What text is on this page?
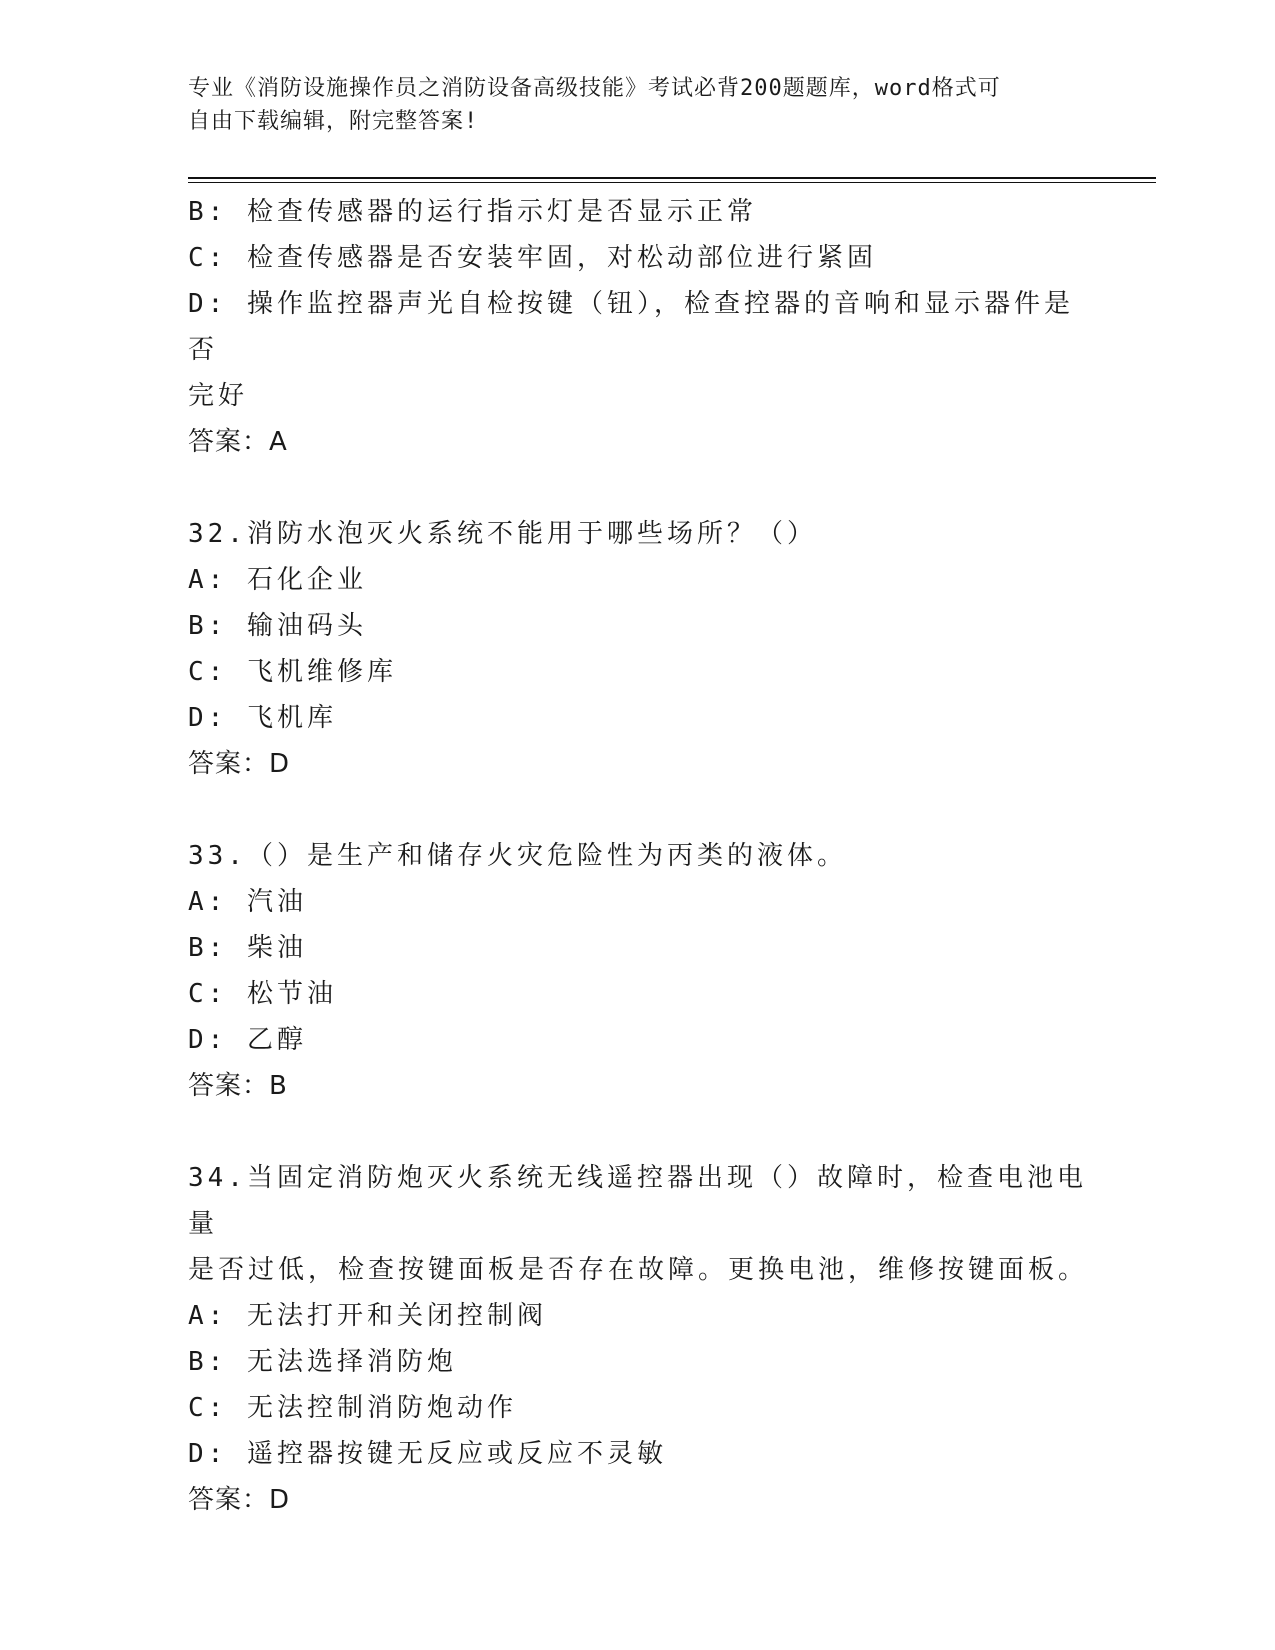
专业《消防设施操作员之消防设备高级技能》考试必背200题题库，word格式可
自由下载编辑，附完整答案!
B: 检查传感器的运行指示灯是否显示正常
C: 检查传感器是否安装牢固，对松动部位进行紧固
D: 操作监控器声光自检按键（钮），检查控器的音响和显示器件是否
完好
答案：A
32.消防水泡灭火系统不能用于哪些场所？（）
A: 石化企业
B: 输油码头
C: 飞机维修库
D: 飞机库
答案：D
33.（）是生产和储存火灾危险性为丙类的液体。
A: 汽油
B: 柴油
C: 松节油
D: 乙醇
答案：B
34.当固定消防炮灭火系统无线遥控器出现（）故障时，检查电池电量
是否过低，检查按键面板是否存在故障。更换电池，维修按键面板。
A: 无法打开和关闭控制阀
B: 无法选择消防炮
C: 无法控制消防炮动作
D: 遥控器按键无反应或反应不灵敏
答案：D
